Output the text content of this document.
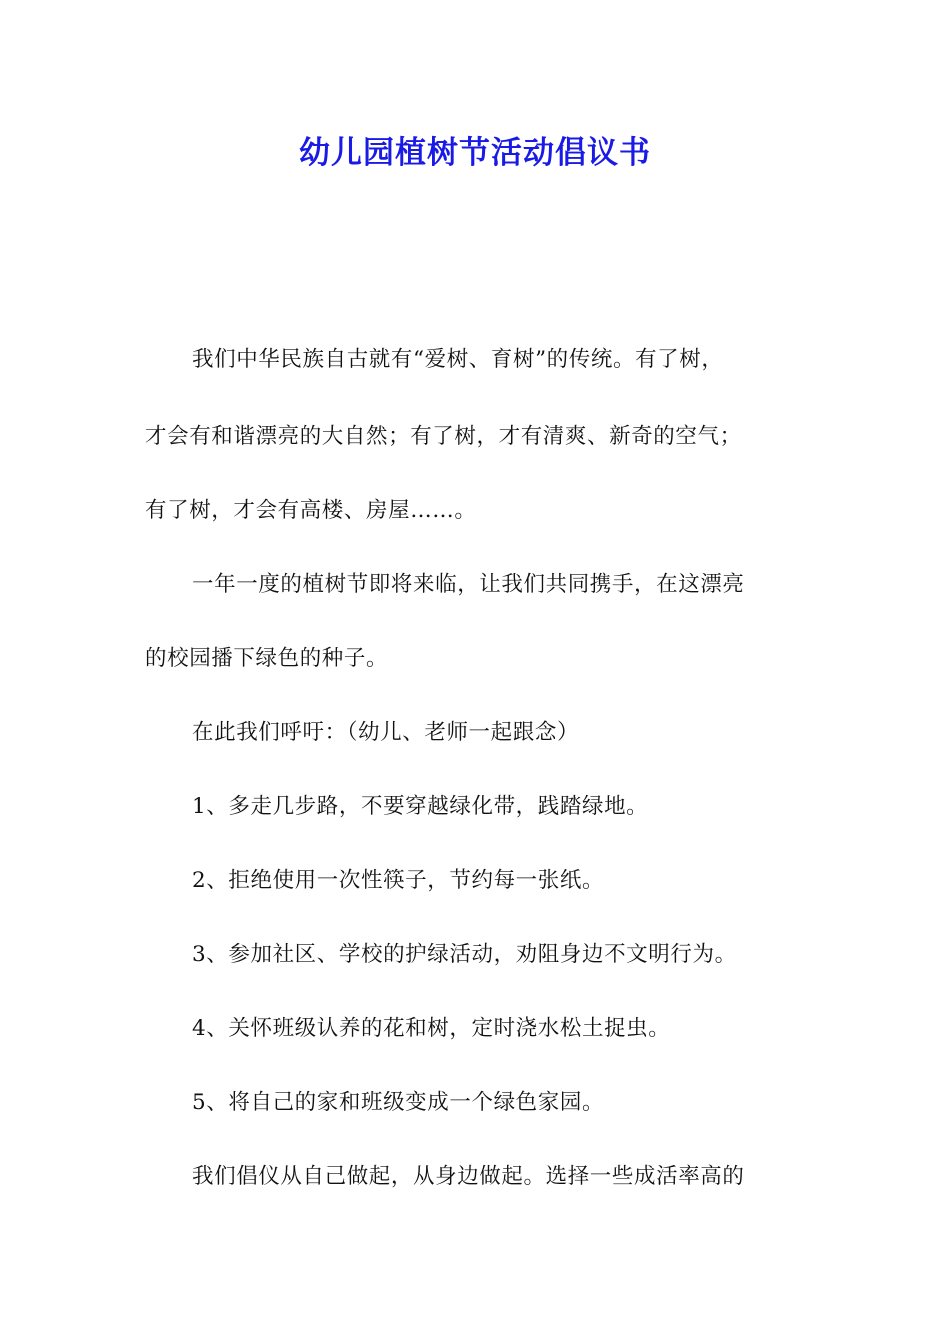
幼儿园植树节活动倡议书
我们中华民族自古就有“爱树、育树”的传统。有了树，
才会有和谐漂亮的大自然；有了树，才有清爽、新奇的空气；
有了树，才会有高楼、房屋……。
一年一度的植树节即将来临，让我们共同携手，在这漂亮
的校园播下绿色的种子。
在此我们呼吁：（幼儿、老师一起跟念）
1、多走几步路，不要穿越绿化带，践踏绿地。
2、拒绝使用一次性筷子，节约每一张纸。
3、参加社区、学校的护绿活动，劝阻身边不文明行为。
4、关怀班级认养的花和树，定时浇水松土捉虫。
5、将自己的家和班级变成一个绿色家园。
我们倡仪从自己做起，从身边做起。选择一些成活率高的
